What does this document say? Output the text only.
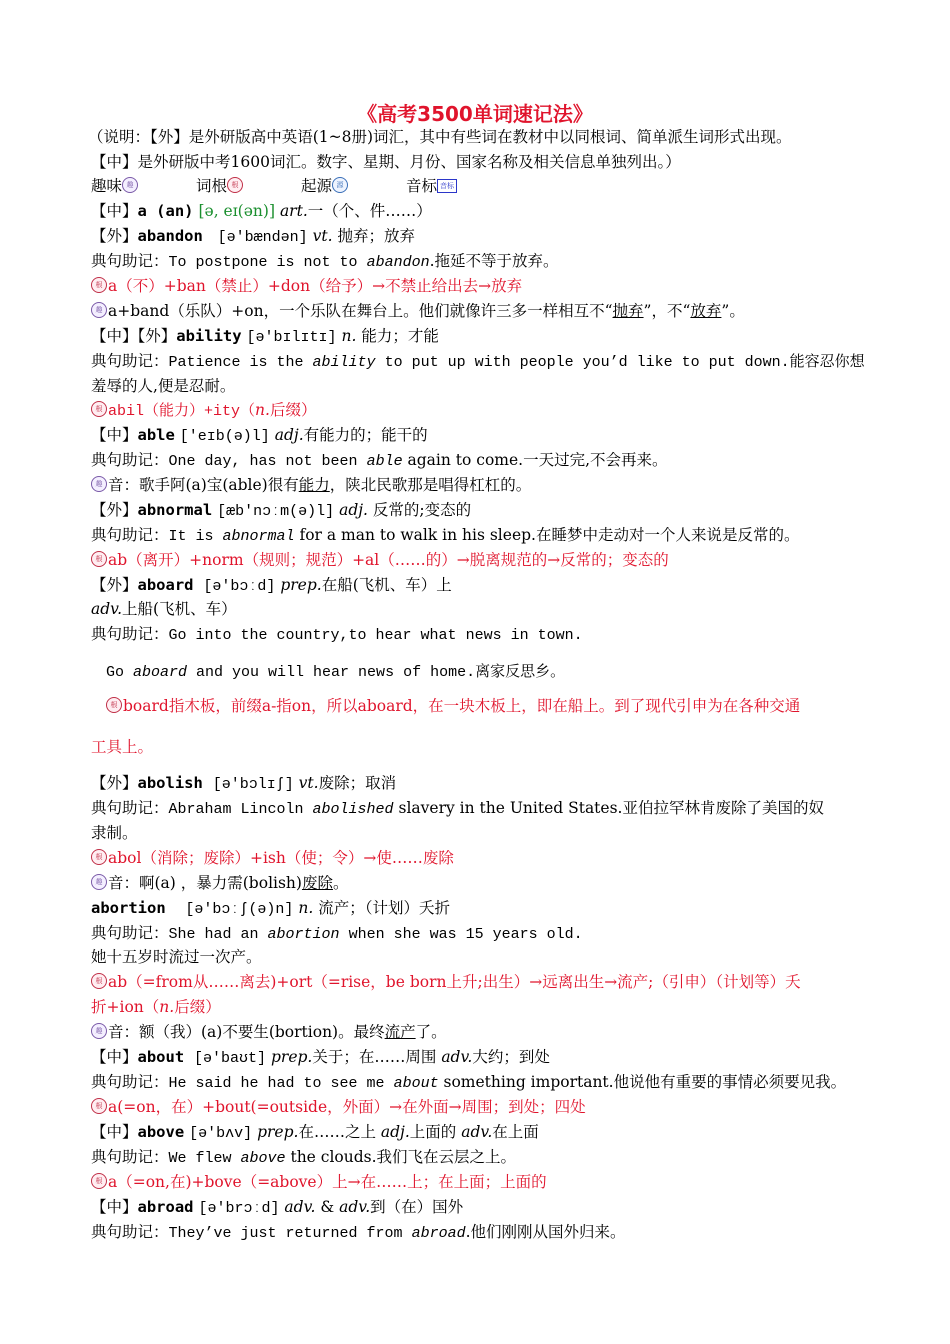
《高考3500单词速记法》
（说明：【外】是外研版高中英语(1~8册)词汇，其中有些词在教材中以同根词、简单派生词形式出现。
【中】是外研版中考1600词汇。数字、星期、月份、国家名称及相关信息单独列出。）
趣味 趣	词根 根	起源 源	音标 音标
【中】a (an) [ə, eɪ(ən)] art.一（个、件……）
【外】abandon [ə'bændən] vt. 抛弃；放弃
典句助记：To postpone is not to abandon.拖延不等于放弃。
根 a（不）+ban（禁止）+don（给予）→不禁止给出去→放弃
趣 a+band（乐队）+on，一个乐队在舞台上。他们就像许三多一样相互不“抛弃”，不“放弃”。
【中】【外】ability [ə'bɪlɪtɪ] n. 能力；才能
典句助记：Patience is the ability to put up with people you’d like to put down.能容忍你想
羞辱的人,便是忍耐。
根 abil（能力）+ity（n.后缀）
【中】able ['eɪb(ə)l] adj.有能力的；能干的
典句助记：One day, has not been able again to come.一天过完,不会再来。
趣 音：歌手阿(a)宝(able)很有能力，陕北民歌那是唱得杠杠的。
【外】abnormal [æb'nɔːm(ə)l] adj. 反常的;变态的
典句助记：It is abnormal for a man to walk in his sleep.在睡梦中走动对一个人来说是反常的。
根 ab（离开）+norm（规则；规范）+al（……的）→脱离规范的→反常的；变态的
【外】aboard [ə'bɔːd] prep.在船(飞机、车）上
adv.上船(飞机、车）
典句助记：Go into the country,to hear what news in town.
Go aboard and you will hear news of home.离家反思乡。
根 board指木板，前缀a-指on，所以aboard，在一块木板上，即在船上。到了现代引申为在各种交通
工具上。
【外】abolish [ə'bɔlɪʃ] vt.废除；取消
典句助记：Abraham Lincoln abolished slavery in the United States.亚伯拉罕林肯废除了美国的奴
隶制。
根 abol（消除；废除）+ish（使；令）→使……废除
趣 音：啊(a) ，暴力需(bolish)废除。
abortion [ə'bɔːʃ(ə)n] n. 流产；（计划）夭折
典句助记：She had an abortion when she was 15 years old.
她十五岁时流过一次产。
根 ab（=from从……离去)+ort（=rise，be born上升;出生）→远离出生→流产;（引申）（计划等）夭
折+ion（n.后缀）
趣 音：额（我）(a)不要生(bortion)。最终流产了。
【中】about [ə'baʊt] prep.关于；在……周围 adv.大约；到处
典句助记：He said he had to see me about something important.他说他有重要的事情必须要见我。
根 a(=on，在）+bout(=outside，外面）→在外面→周围；到处；四处
【中】above [ə'bʌv] prep.在……之上 adj.上面的 adv.在上面
典句助记：We flew above the clouds.我们飞在云层之上。
根 a（=on,在)+bove（=above）上→在……上；在上面；上面的
【中】abroad [ə'brɔːd] adv. & adv.到（在）国外
典句助记：They’ve just returned from abroad.他们刚刚从国外归来。
